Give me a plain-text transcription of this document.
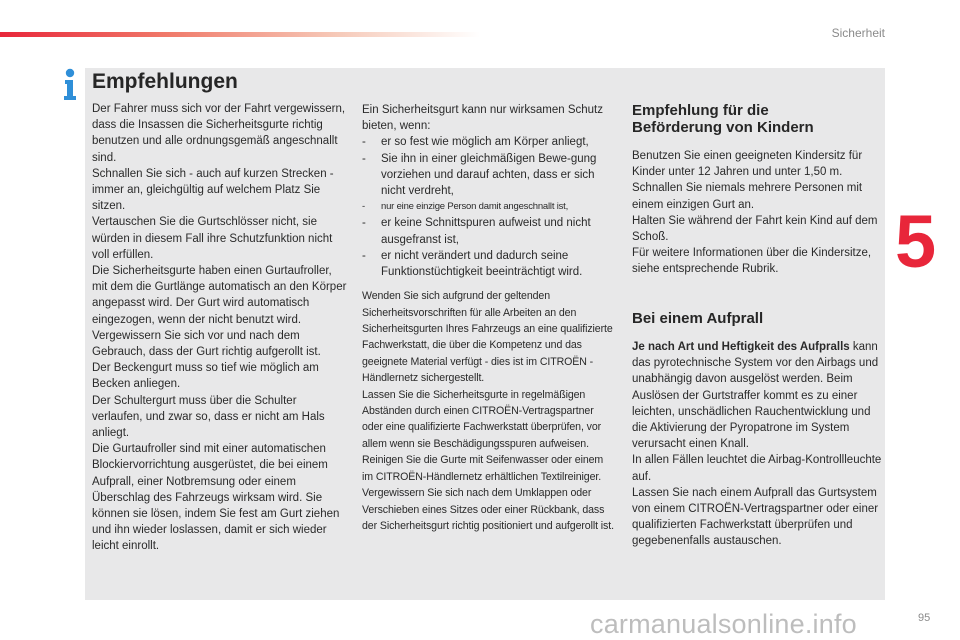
Sicherheit
5
Empfehlungen

Der Fahrer muss sich vor der Fahrt vergewissern, dass die Insassen die Sicherheitsgurte richtig benutzen und alle ordnungsgemäß angeschnallt sind.

Schnallen Sie sich - auch auf kurzen Strecken - immer an, gleichgültig auf welchem Platz Sie sitzen.

Vertauschen Sie die Gurtschlösser nicht, sie würden in diesem Fall ihre Schutzfunktion nicht voll erfüllen.

Die Sicherheitsgurte haben einen Gurtaufroller, mit dem die Gurtlänge automatisch an den Körper angepasst wird. Der Gurt wird automatisch eingezogen, wenn der nicht benutzt wird.

Vergewissern Sie sich vor und nach dem Gebrauch, dass der Gurt richtig aufgerollt ist.

Der Beckengurt muss so tief wie möglich am Becken anliegen.

Der Schultergurt muss über die Schulter verlaufen, und zwar so, dass er nicht am Hals anliegt.

Die Gurtaufroller sind mit einer automatischen Blockiervorrichtung ausgerüstet, die bei einem Aufprall, einer Notbremsung oder einem Überschlag des Fahrzeugs wirksam wird. Sie können sie lösen, indem Sie fest am Gurt ziehen und ihn wieder loslassen, damit er sich wieder leicht einrollt.

Ein Sicherheitsgurt kann nur wirksamen Schutz bieten, wenn:

- er so fest wie möglich am Körper anliegt,
- Sie ihn in einer gleichmäßigen Bewe-gung vorziehen und darauf achten, dass er sich nicht verdreht,
- nur eine einzige Person damit angeschnallt ist,
- er keine Schnittspuren aufweist und nicht ausgefranst ist,
- er nicht verändert und dadurch seine Funktionstüchtigkeit beeinträchtigt wird.

Wenden Sie sich aufgrund der geltenden Sicherheitsvorschriften für alle Arbeiten an den Sicherheitsgurten Ihres Fahrzeugs an eine qualifizierte Fachwerkstatt, die über die Kompetenz und das geeignete Material verfügt - dies ist im CITROËN -Händlernetz sichergestellt.

Lassen Sie die Sicherheitsgurte in regelmäßigen Abständen durch einen CITROËN-Vertragspartner oder eine qualifizierte Fachwerkstatt überprüfen, vor allem wenn sie Beschädigungsspuren aufweisen.

Reinigen Sie die Gurte mit Seifenwasser oder einem im CITROËN-Händlernetz erhältlichen Textilreiniger.

Vergewissern Sie sich nach dem Umklappen oder Verschieben eines Sitzes oder einer Rückbank, dass der Sicherheitsgurt richtig positioniert und aufgerollt ist.

Empfehlung für die
Beförderung von Kindern

Benutzen Sie einen geeigneten Kindersitz für Kinder unter 12 Jahren und unter 1,50 m.

Schnallen Sie niemals mehrere Personen mit einem einzigen Gurt an.

Halten Sie während der Fahrt kein Kind auf dem Schoß.

Für weitere Informationen über die Kindersitze, siehe entsprechende Rubrik.

Bei einem Aufprall

Je nach Art und Heftigkeit des Aufpralls kann das pyrotechnische System vor den Airbags und unabhängig davon ausgelöst werden. Beim Auslösen der Gurtstraffer kommt es zu einer leichten, unschädlichen Rauchentwicklung und die Aktivierung der Pyropatrone im System verursacht einen Knall.

In allen Fällen leuchtet die Airbag-Kontrollleuchte auf.

Lassen Sie nach einem Aufprall das Gurtsystem von einem CITROËN-Vertragspartner oder einer qualifizierten Fachwerkstatt überprüfen und gegebenenfalls austauschen.

95
carmanualsonline.info
